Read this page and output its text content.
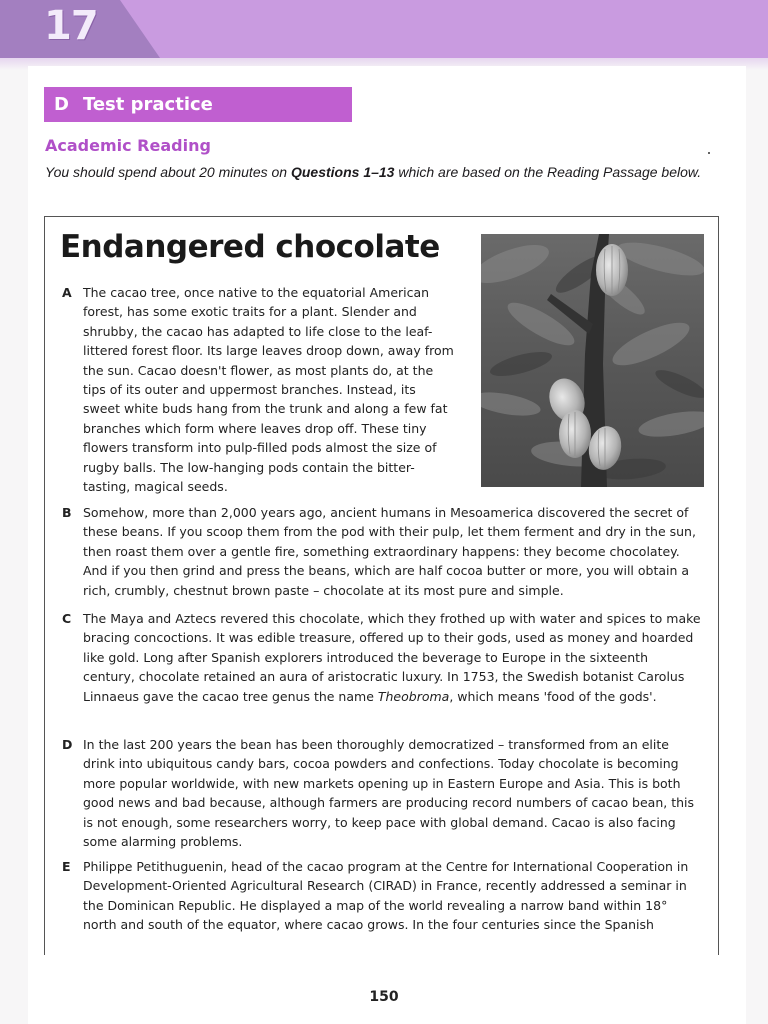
17
D Test practice
Academic Reading
You should spend about 20 minutes on Questions 1–13 which are based on the Reading Passage below.
Endangered chocolate
A The cacao tree, once native to the equatorial American forest, has some exotic traits for a plant. Slender and shrubby, the cacao has adapted to life close to the leaf-littered forest floor. Its large leaves droop down, away from the sun. Cacao doesn't flower, as most plants do, at the tips of its outer and uppermost branches. Instead, its sweet white buds hang from the trunk and along a few fat branches which form where leaves drop off. These tiny flowers transform into pulp-filled pods almost the size of rugby balls. The low-hanging pods contain the bitter-tasting, magical seeds.
B Somehow, more than 2,000 years ago, ancient humans in Mesoamerica discovered the secret of these beans. If you scoop them from the pod with their pulp, let them ferment and dry in the sun, then roast them over a gentle fire, something extraordinary happens: they become chocolatey. And if you then grind and press the beans, which are half cocoa butter or more, you will obtain a rich, crumbly, chestnut brown paste – chocolate at its most pure and simple.
C The Maya and Aztecs revered this chocolate, which they frothed up with water and spices to make bracing concoctions. It was edible treasure, offered up to their gods, used as money and hoarded like gold. Long after Spanish explorers introduced the beverage to Europe in the sixteenth century, chocolate retained an aura of aristocratic luxury. In 1753, the Swedish botanist Carolus Linnaeus gave the cacao tree genus the name Theobroma, which means 'food of the gods'.
D In the last 200 years the bean has been thoroughly democratized – transformed from an elite drink into ubiquitous candy bars, cocoa powders and confections. Today chocolate is becoming more popular worldwide, with new markets opening up in Eastern Europe and Asia. This is both good news and bad because, although farmers are producing record numbers of cacao bean, this is not enough, some researchers worry, to keep pace with global demand. Cacao is also facing some alarming problems.
E Philippe Petithuguenin, head of the cacao program at the Centre for International Cooperation in Development-Oriented Agricultural Research (CIRAD) in France, recently addressed a seminar in the Dominican Republic. He displayed a map of the world revealing a narrow band within 18° north and south of the equator, where cacao grows. In the four centuries since the Spanish
150
